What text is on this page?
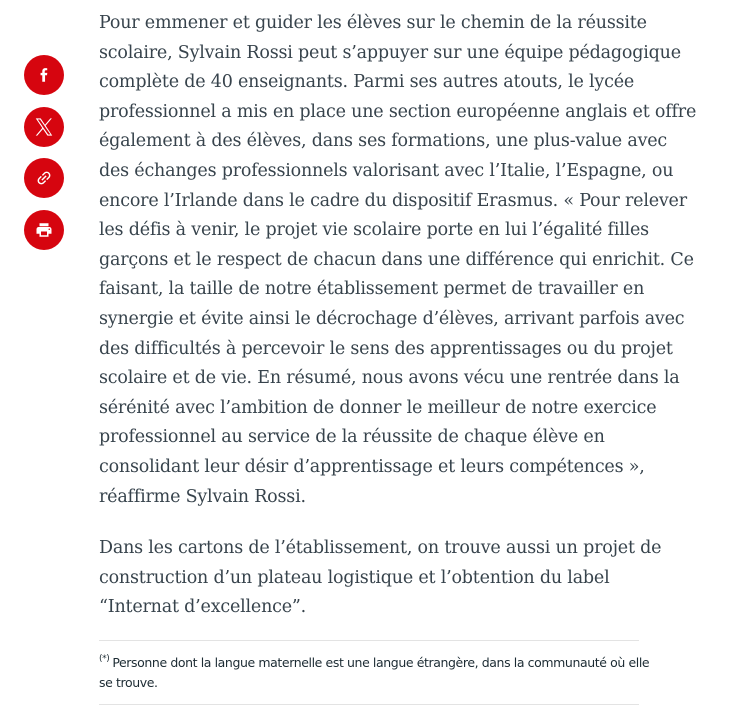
Pour emmener et guider les élèves sur le chemin de la réussite
scolaire, Sylvain Rossi peut s’appuyer sur une équipe pédagogique
complète de 40 enseignants. Parmi ses autres atouts, le lycée
professionnel a mis en place une section européenne anglais et offre
également à des élèves, dans ses formations, une plus-value avec
des échanges professionnels valorisant avec l’Italie, l’Espagne, ou
encore l’Irlande dans le cadre du dispositif Erasmus. « Pour relever
les défis à venir, le projet vie scolaire porte en lui l’égalité filles
garçons et le respect de chacun dans une différence qui enrichit. Ce
faisant, la taille de notre établissement permet de travailler en
synergie et évite ainsi le décrochage d’élèves, arrivant parfois avec
des difficultés à percevoir le sens des apprentissages ou du projet
scolaire et de vie. En résumé, nous avons vécu une rentrée dans la
sérénité avec l’ambition de donner le meilleur de notre exercice
professionnel au service de la réussite de chaque élève en
consolidant leur désir d’apprentissage et leurs compétences »,
réaffirme Sylvain Rossi.

Dans les cartons de l’établissement, on trouve aussi un projet de
construction d’un plateau logistique et l’obtention du label
“Internat d’excellence”.

(*) Personne dont la langue maternelle est une langue étrangère, dans la communauté où elle
se trouve.
